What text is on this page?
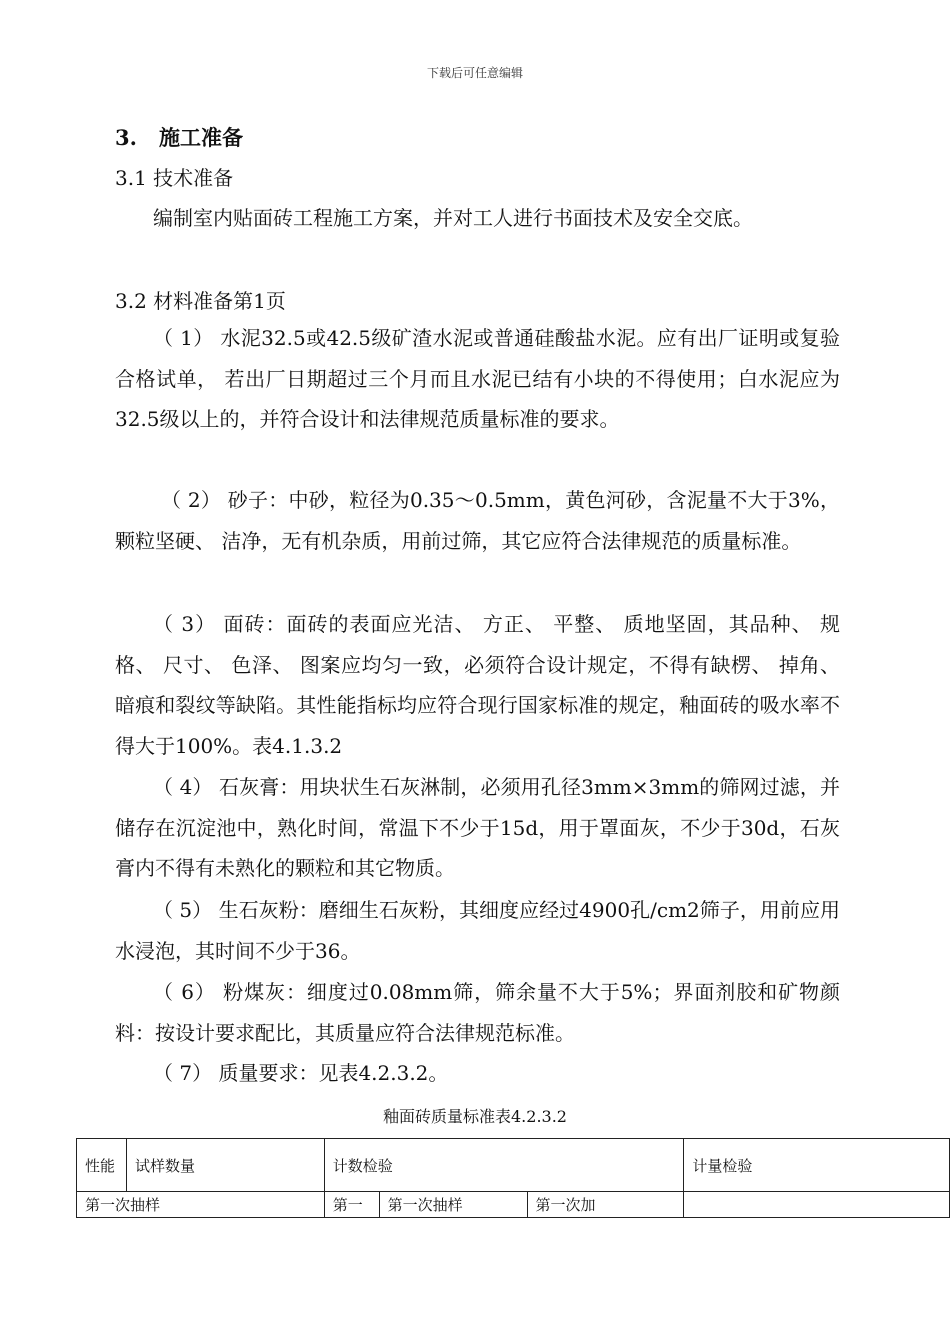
下载后可任意编辑
3. 施工准备
3.1 技术准备

编制室内贴面砖工程施工方案，并对工人进行书面技术及安全交底。

3.2 材料准备第1页

（ 1） 水泥32.5或42.5级矿渣水泥或普通硅酸盐水泥。应有出厂证明或复验合格试单， 若出厂日期超过三个月而且水泥已结有小块的不得使用；白水泥应为32.5级以上的，并符合设计和法律规范质量标准的要求。

（ 2） 砂子：中砂，粒径为0.35～0.5mm，黄色河砂，含泥量不大于3%，颗粒坚硬、 洁净，无有机杂质，用前过筛，其它应符合法律规范的质量标准。

（ 3） 面砖：面砖的表面应光洁、 方正、 平整、 质地坚固，其品种、 规格、 尺寸、 色泽、 图案应均匀一致，必须符合设计规定，不得有缺楞、 掉角、 暗痕和裂纹等缺陷。其性能指标均应符合现行国家标准的规定，釉面砖的吸水率不得大于100%。表4.1.3.2

（ 4） 石灰膏：用块状生石灰淋制，必须用孔径3mm×3mm的筛网过滤，并储存在沉淀池中，熟化时间，常温下不少于15d，用于罩面灰，不少于30d，石灰膏内不得有未熟化的颗粒和其它物质。

（ 5） 生石灰粉：磨细生石灰粉，其细度应经过4900孔/cm2筛子，用前应用水浸泡，其时间不少于36。

（ 6） 粉煤灰：细度过0.08mm筛，筛余量不大于5%；界面剂胶和矿物颜料：按设计要求配比，其质量应符合法律规范标准。

（ 7） 质量要求：见表4.2.3.2。

釉面砖质量标准表4.2.3.2
性能	试样数量	计数检验			计量检验
第一次抽样		第一	第一次抽样	第一次加	
